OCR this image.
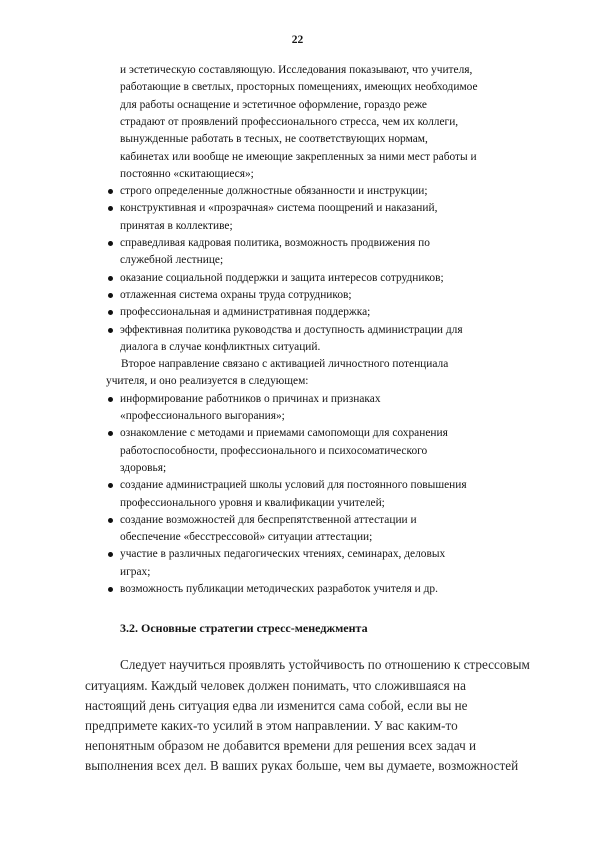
22
и эстетическую составляющую. Исследования показывают, что учителя,
работающие в светлых, просторных помещениях, имеющих необходимое
для работы оснащение и эстетичное оформление, гораздо реже
страдают от проявлений профессионального стресса, чем их коллеги,
вынужденные работать в тесных, не соответствующих нормам,
кабинетах или вообще не имеющие закрепленных за ними мест работы и
постоянно «скитающиеся»;
строго определенные должностные обязанности и инструкции;
конструктивная и «прозрачная» система поощрений и наказаний,
принятая в коллективе;
справедливая кадровая политика, возможность продвижения по
служебной лестнице;
оказание социальной поддержки и защита интересов сотрудников;
отлаженная система охраны труда сотрудников;
профессиональная и административная поддержка;
эффективная политика руководства и доступность администрации для
диалога в случае конфликтных ситуаций.
Второе направление связано с активацией личностного потенциала
учителя, и оно реализуется в следующем:
информирование работников о причинах и признаках
«профессионального выгорания»;
ознакомление с методами и приемами самопомощи для сохранения
работоспособности, профессионального и психосоматического
здоровья;
создание администрацией школы условий для постоянного повышения
профессионального уровня и квалификации учителей;
создание возможностей для беспрепятственной аттестации и
обеспечение «бесстрессовой» ситуации аттестации;
участие в различных педагогических чтениях, семинарах, деловых
играх;
возможность публикации методических разработок учителя и др.
3.2. Основные стратегии стресс-менеджмента
Следует научиться проявлять устойчивость по отношению к стрессовым
ситуациям. Каждый человек должен понимать, что сложившаяся на
настоящий день ситуация едва ли изменится сама собой, если вы не
предпримете каких-то усилий в этом направлении. У вас каким-то
непонятным образом не добавится времени для решения всех задач и
выполнения всех дел. В ваших руках больше, чем вы думаете, возможностей
